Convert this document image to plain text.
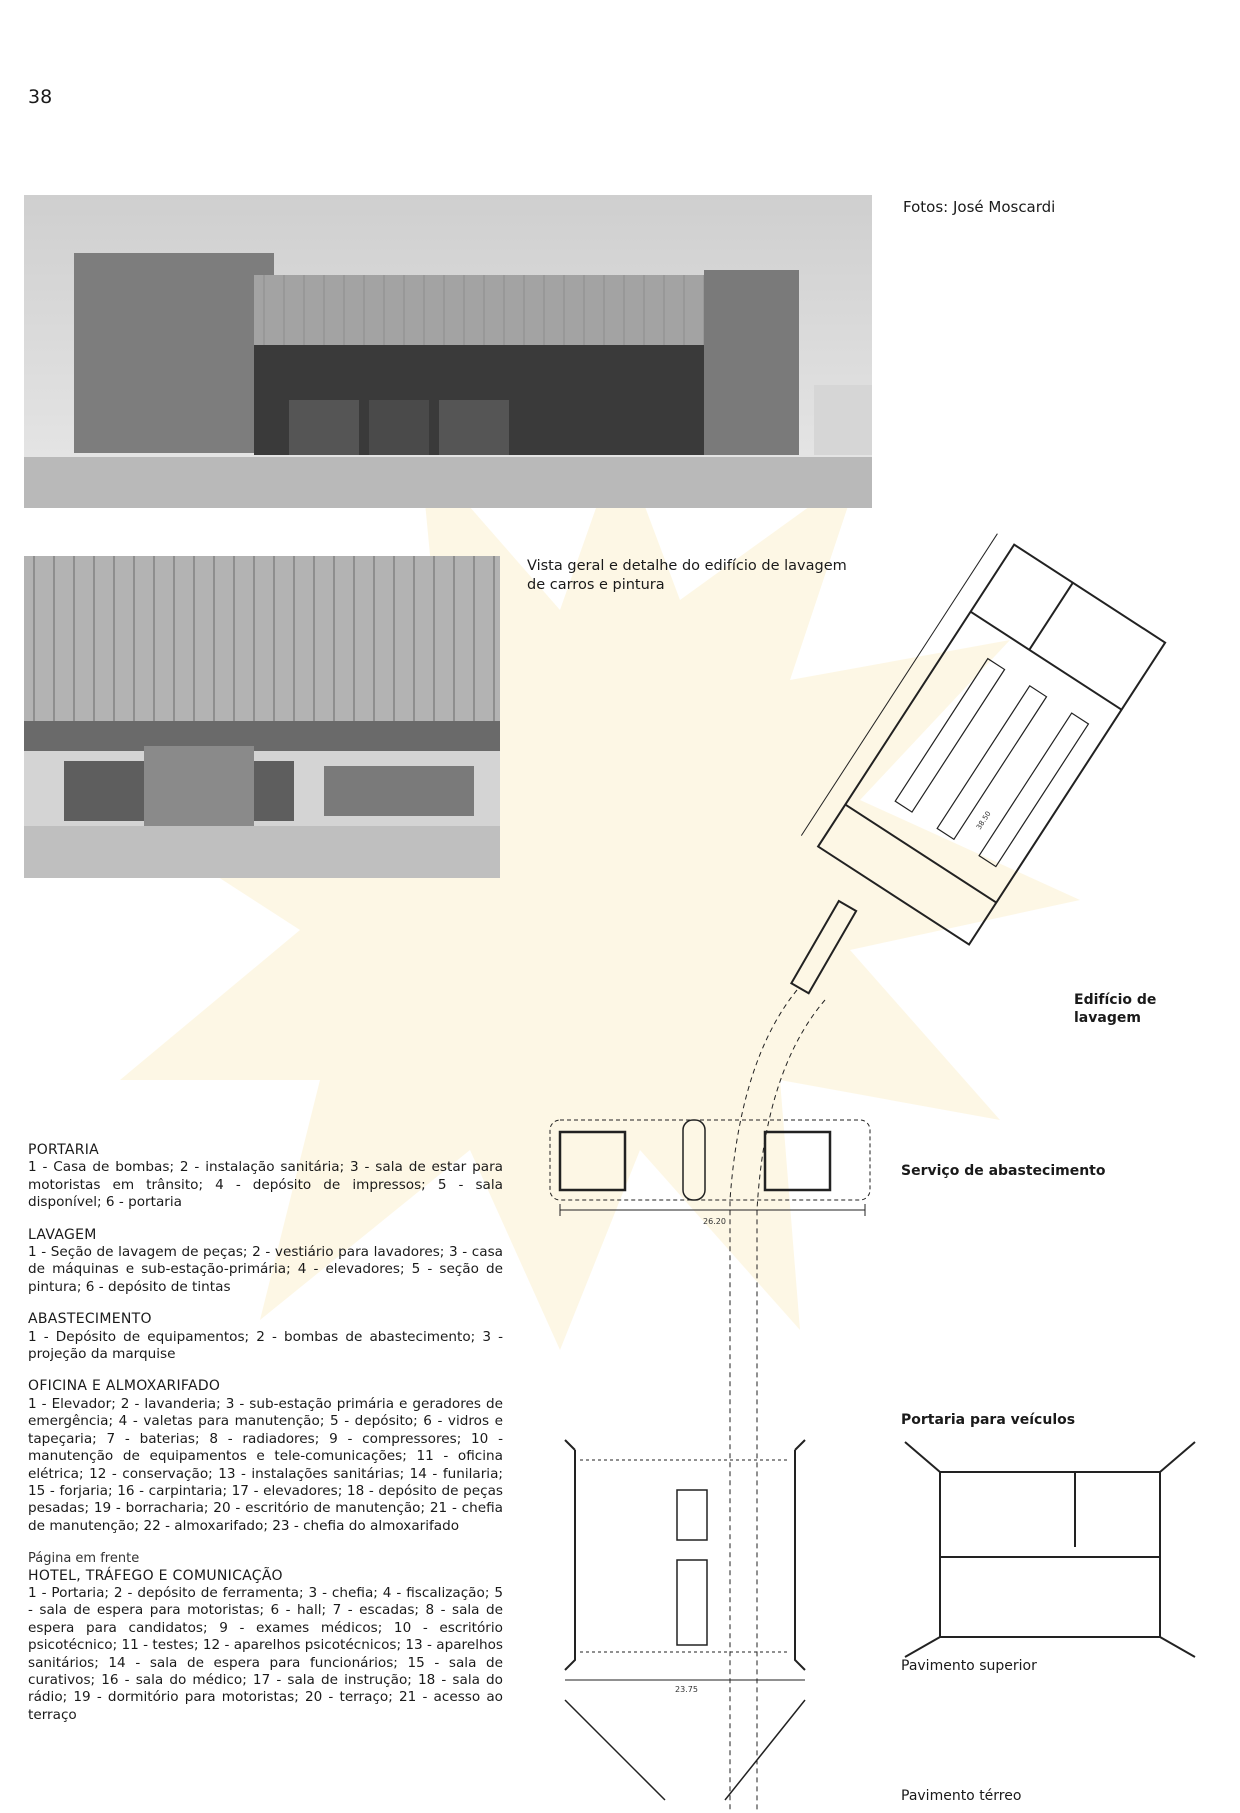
38
Fotos: José Moscardi
Vista geral e detalhe do edifício de lavagem de carros e pintura
38.50
Edifício de lavagem
26.20
Serviço de abastecimento
23.75
Portaria para veículos
Pavimento superior
Pavimento térreo
PORTARIA

1 - Casa de bombas; 2 - instalação sanitária; 3 - sala de estar para motoristas em trânsito; 4 - depósito de impressos; 5 - sala disponível; 6 - portaria

LAVAGEM

1 - Seção de lavagem de peças; 2 - vestiário para lavadores; 3 - casa de máquinas e sub-estação-primária; 4 - elevadores; 5 - seção de pintura; 6 - depósito de tintas

ABASTECIMENTO

1 - Depósito de equipamentos; 2 - bombas de abastecimento; 3 - projeção da marquise

OFICINA E ALMOXARIFADO

1 - Elevador; 2 - lavanderia; 3 - sub-estação primária e geradores de emergência; 4 - valetas para manutenção; 5 - depósito; 6 - vidros e tapeçaria; 7 - baterias; 8 - radiadores; 9 - compressores; 10 - manutenção de equipamentos e tele-comunicações; 11 - oficina elétrica; 12 - conservação; 13 - instalações sanitárias; 14 - funilaria; 15 - forjaria; 16 - carpintaria; 17 - elevadores; 18 - depósito de peças pesadas; 19 - borracharia; 20 - escritório de manutenção; 21 - chefia de manutenção; 22 - almoxarifado; 23 - chefia do almoxarifado

Página em frente
HOTEL, TRÁFEGO E COMUNICAÇÃO

1 - Portaria; 2 - depósito de ferramenta; 3 - chefia; 4 - fiscalização; 5 - sala de espera para motoristas; 6 - hall; 7 - escadas; 8 - sala de espera para candidatos; 9 - exames médicos; 10 - escritório psicotécnico; 11 - testes; 12 - aparelhos psicotécnicos; 13 - aparelhos sanitários; 14 - sala de espera para funcionários; 15 - sala de curativos; 16 - sala do médico; 17 - sala de instrução; 18 - sala do rádio; 19 - dormitório para motoristas; 20 - terraço; 21 - acesso ao terraço
